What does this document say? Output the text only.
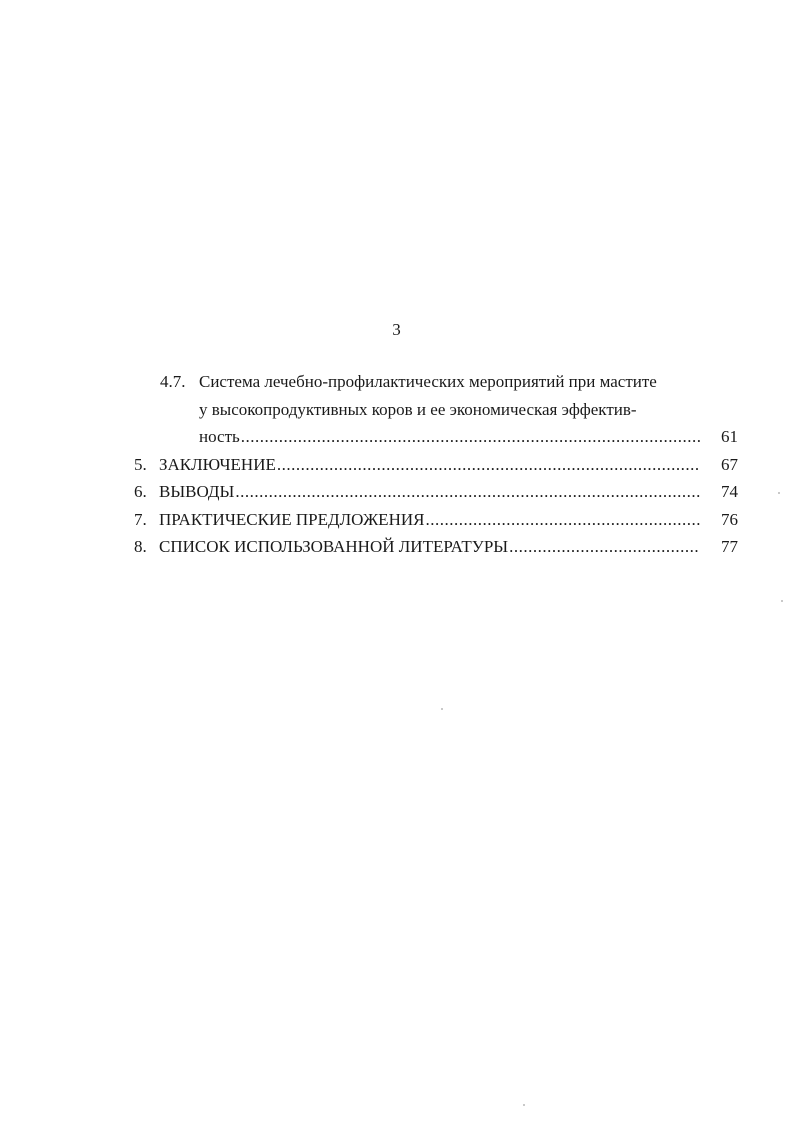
3
4.7. Система лечебно-профилактических мероприятий при мастите
у высокопродуктивных коров и ее экономическая эффектив-
ность .....	61
5. ЗАКЛЮЧЕНИЕ .....	67
6. ВЫВОДЫ .....	74
7. ПРАКТИЧЕСКИЕ ПРЕДЛОЖЕНИЯ .....	76
8. СПИСОК ИСПОЛЬЗОВАННОЙ ЛИТЕРАТУРЫ .....	77
